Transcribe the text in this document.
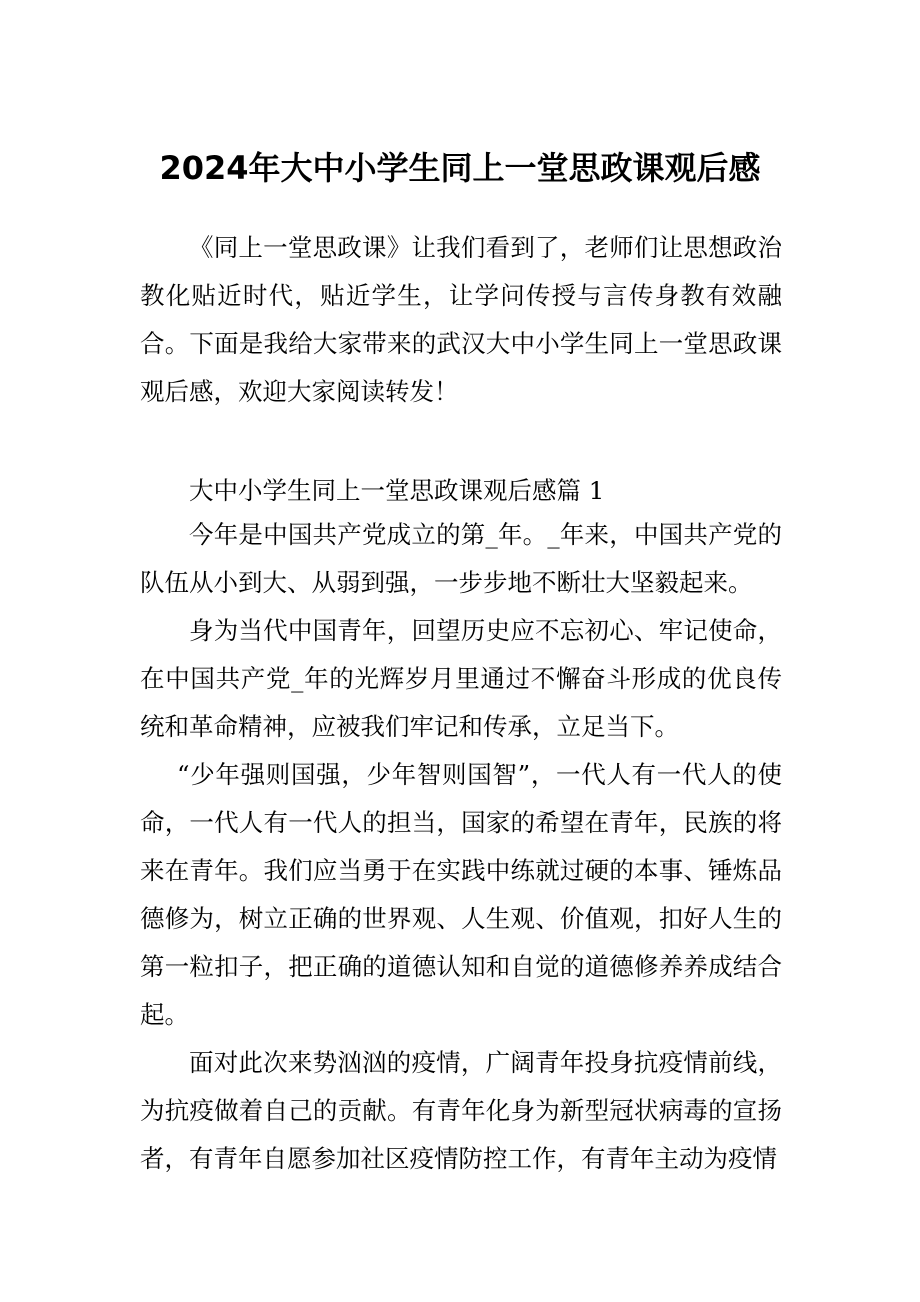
2024年大中小学生同上一堂思政课观后感

《同上一堂思政课》让我们看到了，老师们让思想政治教化贴近时代，贴近学生，让学问传授与言传身教有效融合。下面是我给大家带来的武汉大中小学生同上一堂思政课观后感，欢迎大家阅读转发！

大中小学生同上一堂思政课观后感篇 1

今年是中国共产党成立的第_年。_年来，中国共产党的队伍从小到大、从弱到强，一步步地不断壮大坚毅起来。

身为当代中国青年，回望历史应不忘初心、牢记使命，在中国共产党_年的光辉岁月里通过不懈奋斗形成的优良传统和革命精神，应被我们牢记和传承，立足当下。

“少年强则国强，少年智则国智”，一代人有一代人的使命，一代人有一代人的担当，国家的希望在青年，民族的将来在青年。我们应当勇于在实践中练就过硬的本事、锤炼品德修为，树立正确的世界观、人生观、价值观，扣好人生的第一粒扣子，把正确的道德认知和自觉的道德修养养成结合起。

面对此次来势汹汹的疫情，广阔青年投身抗疫情前线，为抗疫做着自己的贡献。有青年化身为新型冠状病毒的宣扬者，有青年自愿参加社区疫情防控工作，有青年主动为疫情
